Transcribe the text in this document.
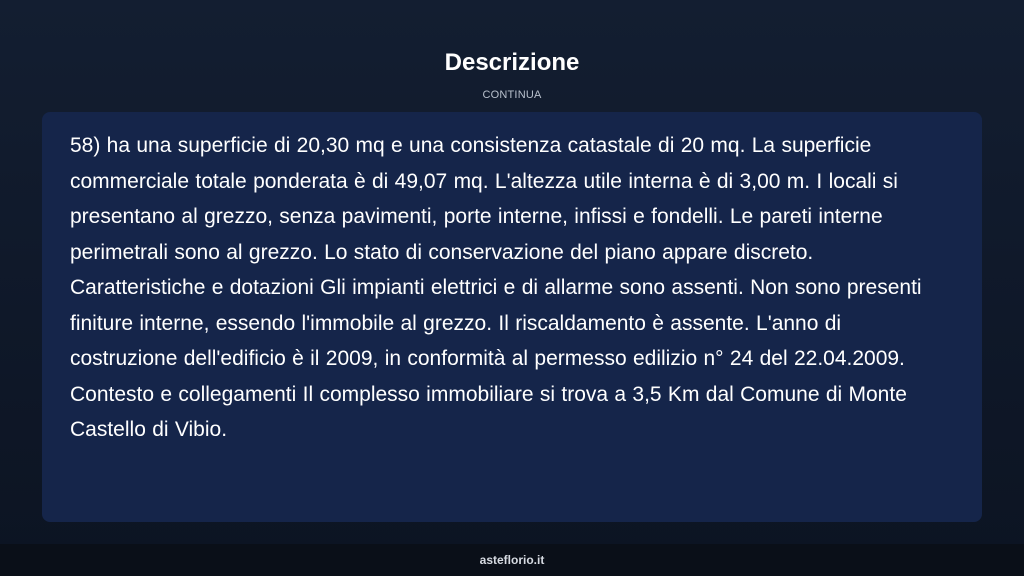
Descrizione
CONTINUA

58) ha una superficie di 20,30 mq e una consistenza catastale di 20 mq. La superficie commerciale totale ponderata è di 49,07 mq. L'altezza utile interna è di 3,00 m. I locali si presentano al grezzo, senza pavimenti, porte interne, infissi e fondelli. Le pareti interne perimetrali sono al grezzo. Lo stato di conservazione del piano appare discreto. Caratteristiche e dotazioni Gli impianti elettrici e di allarme sono assenti. Non sono presenti finiture interne, essendo l'immobile al grezzo. Il riscaldamento è assente. L'anno di costruzione dell'edificio è il 2009, in conformità al permesso edilizio n° 24 del 22.04.2009. Contesto e collegamenti Il complesso immobiliare si trova a 3,5 Km dal Comune di Monte Castello di Vibio.

asteflorio.it
